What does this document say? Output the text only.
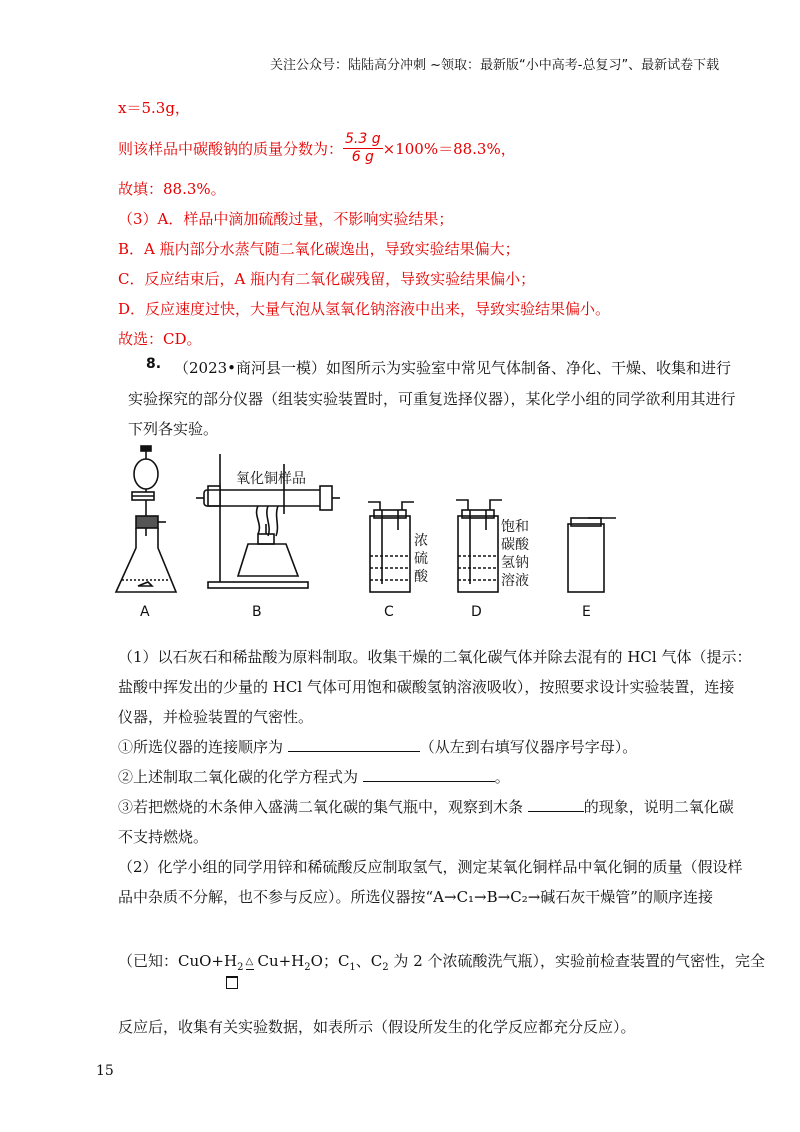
关注公众号：陆陆高分冲刺 ~领取：最新版“小中高考-总复习”、最新试卷下载
x＝5.3g，
则该样品中碳酸钠的质量分数为： $\frac{5.3 g}{6 g} \times 100\%=88.3\%$，
故填：88.3%。
（3）A．样品中滴加硫酸过量，不影响实验结果；
B．A 瓶内部分水蒸气随二氧化碳逸出，导致实验结果偏大；
C．反应结束后，A 瓶内有二氧化碳残留，导致实验结果偏小；
D．反应速度过快，大量气泡从氢氧化钠溶液中出来，导致实验结果偏小。
故选：CD。
8. （2023•商河县一模）如图所示为实验室中常见气体制备、净化、干燥、收集和进行
实验探究的部分仪器（组装实验装置时，可重复选择仪器），某化学小组的同学欲利用其进行
下列各实验。
氧化铜样品
浓
硫
酸
饱和
碳酸
氢钠
溶液
A	B	C	D	E
（1）以石灰石和稀盐酸为原料制取。收集干燥的二氧化碳气体并除去混有的 HCl 气体（提示：
盐酸中挥发出的少量的 HCl 气体可用饱和碳酸氢钠溶液吸收），按照要求设计实验装置，连接
仪器，并检验装置的气密性。
①所选仪器的连接顺序为	（从左到右填写仪器序号字母）。
②上述制取二氧化碳的化学方程式为	。
③若把燃烧的木条伸入盛满二氧化碳的集气瓶中，观察到木条	的现象，说明二氧化碳
不支持燃烧。
（2）化学小组的同学用锌和稀硫酸反应制取氢气，测定某氧化铜样品中氧化铜的质量（假设样
品中杂质不分解，也不参与反应）。所选仪器按“A→C₁→B→C₂→碱石灰干燥管”的顺序连接
（已知：$CuO+H_2$
△ $Cu+H_2O$；$C_1$、$C_2$ 为 2 个浓硫酸洗气瓶），实验前检查装置的气密性，完全
反应后，收集有关实验数据，如表所示（假设所发生的化学反应都充分反应）。
15
